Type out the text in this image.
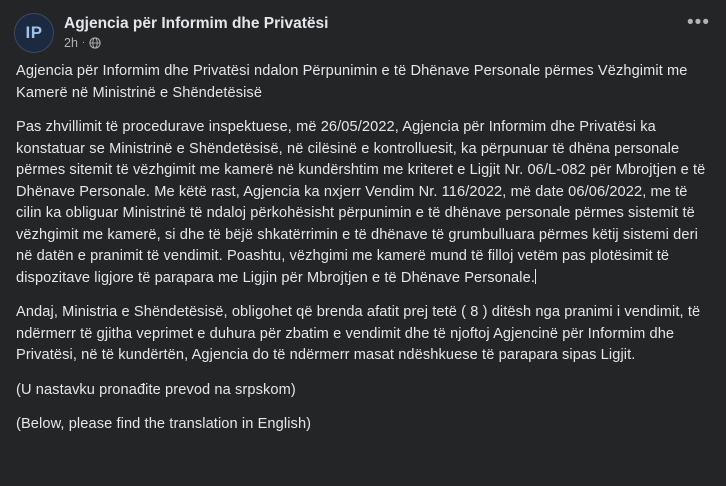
IP Agjencia për Informim dhe Privatësi
2h ·
•••

Agjencia për Informim dhe Privatësi ndalon Përpunimin e të Dhënave Personale përmes Vëzhgimit me Kamerë në Ministrinë e Shëndetësisë

Pas zhvillimit të procedurave inspektuese, më 26/05/2022, Agjencia për Informim dhe Privatësi ka konstatuar se Ministrinë e Shëndetësisë, në cilësinë e kontrolluesit, ka përpunuar të dhëna personale përmes sitemit të vëzhgimit me kamerë në kundërshtim me kriteret e Ligjit Nr. 06/L-082 për Mbrojtjen e të Dhënave Personale. Me këtë rast, Agjencia ka nxjerr Vendim Nr. 116/2022, më date 06/06/2022, me të cilin ka obliguar Ministrinë të ndaloj përkohësisht përpunimin e të dhënave personale përmes sistemit të vëzhgimit me kamerë, si dhe të bëjë shkatërrimin e të dhënave të grumbulluara përmes këtij sistemi deri në datën e pranimit të vendimit. Poashtu, vëzhgimi me kamerë mund të filloj vetëm pas plotësimit të dispozitave ligjore të parapara me Ligjin për Mbrojtjen e të Dhënave Personale.

Andaj, Ministria e Shëndetësisë, obligohet që brenda afatit prej tetë ( 8 ) ditësh nga pranimi i vendimit, të ndërmerr të gjitha veprimet e duhura për zbatim e vendimit dhe të njoftoj Agjencinë për Informim dhe Privatësi, në të kundërtën, Agjencia do të ndërmerr masat ndëshkuese të parapara sipas Ligjit.

(U nastavku pronađite prevod na srpskom)

(Below, please find the translation in English)
